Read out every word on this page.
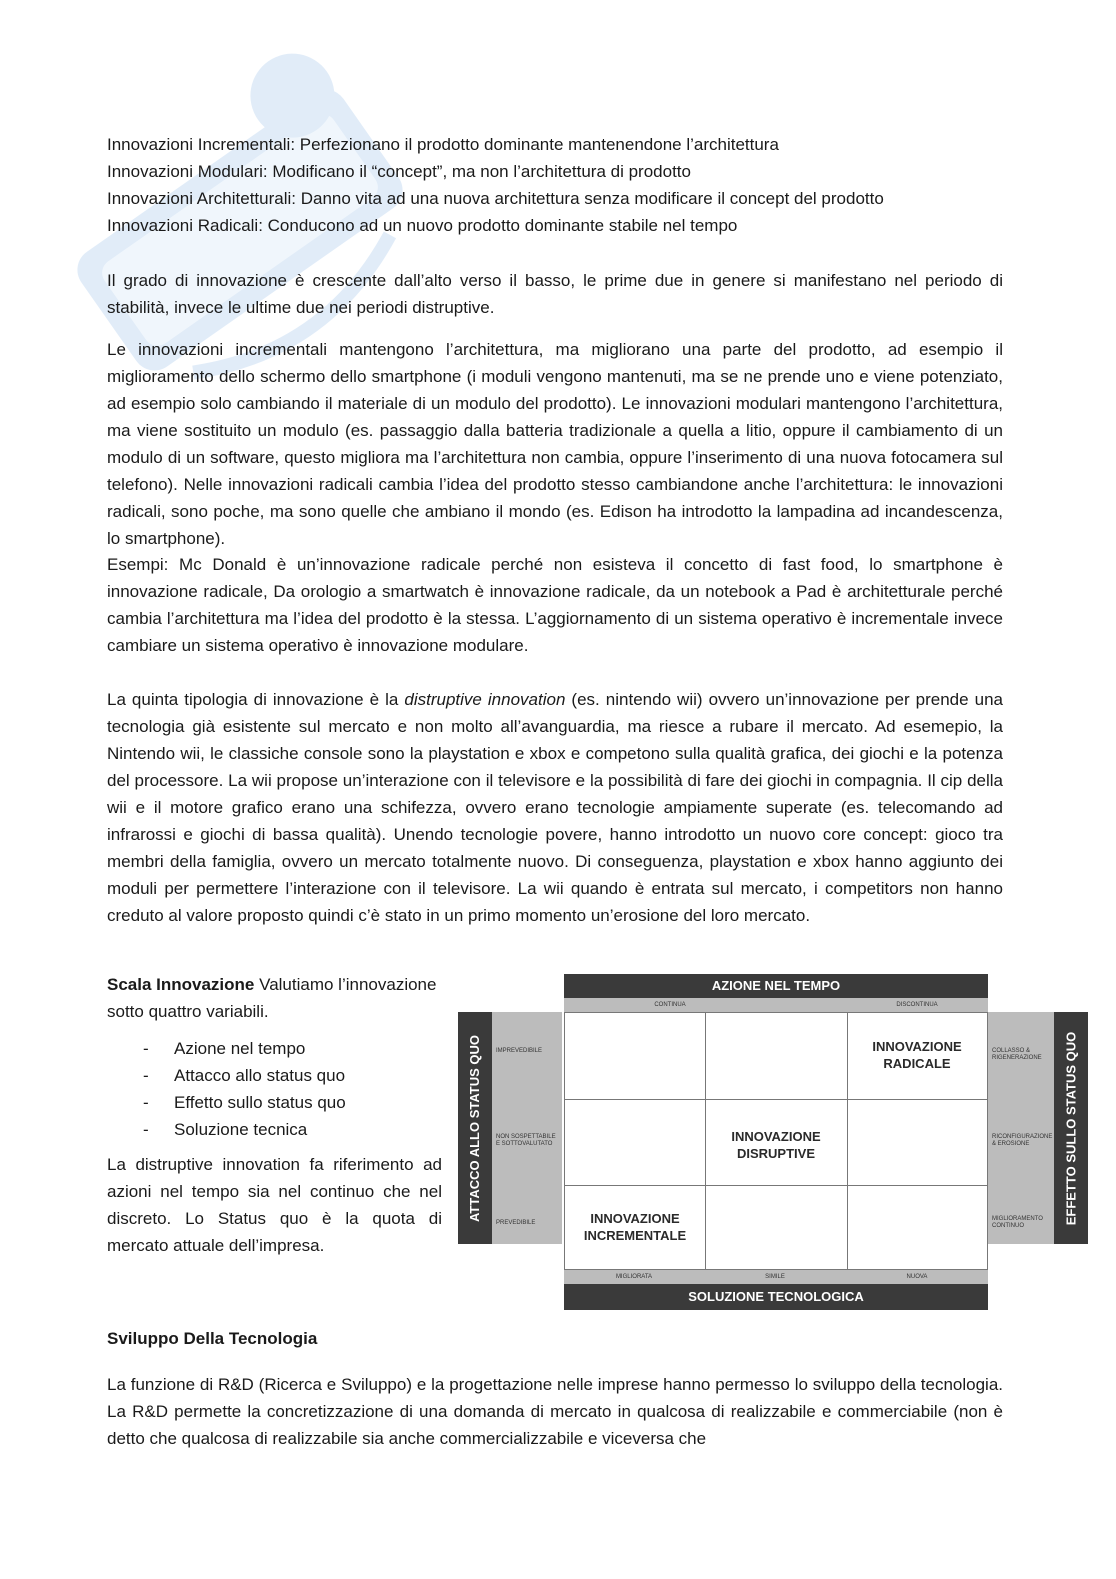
Innovazioni Incrementali: Perfezionano il prodotto dominante mantenendone l’architettura

Innovazioni Modulari: Modificano il “concept”, ma non l’architettura di prodotto

Innovazioni Architetturali: Danno vita ad una nuova architettura senza modificare il concept del prodotto

Innovazioni Radicali: Conducono ad un nuovo prodotto dominante stabile nel tempo

Il grado di innovazione è crescente dall’alto verso il basso, le prime due in genere si manifestano nel periodo di stabilità, invece le ultime due nei periodi distruptive.

Le innovazioni incrementali mantengono l’architettura, ma migliorano una parte del prodotto, ad esempio il miglioramento dello schermo dello smartphone (i moduli vengono mantenuti, ma se ne prende uno e viene potenziato, ad esempio solo cambiando il materiale di un modulo del prodotto). Le innovazioni modulari mantengono l’architettura, ma viene sostituito un modulo (es. passaggio dalla batteria tradizionale a quella a litio, oppure il cambiamento di un modulo di un software, questo migliora ma l’architettura non cambia, oppure l’inserimento di una nuova fotocamera sul telefono). Nelle innovazioni radicali cambia l’idea del prodotto stesso cambiandone anche l’architettura: le innovazioni radicali, sono poche, ma sono quelle che ambiano il mondo (es. Edison ha introdotto la lampadina ad incandescenza, lo smartphone).

Esempi: Mc Donald è un’innovazione radicale perché non esisteva il concetto di fast food, lo smartphone è innovazione radicale, Da orologio a smartwatch è innovazione radicale, da un notebook a Pad è architetturale perché cambia l’architettura ma l’idea del prodotto è la stessa. L’aggiornamento di un sistema operativo è incrementale invece cambiare un sistema operativo è innovazione modulare.

La quinta tipologia di innovazione è la distruptive innovation (es. nintendo wii) ovvero un’innovazione per prende una tecnologia già esistente sul mercato e non molto all’avanguardia, ma riesce a rubare il mercato. Ad esemepio, la Nintendo wii, le classiche console sono la playstation e xbox e competono sulla qualità grafica, dei giochi e la potenza del processore. La wii propose un’interazione con il televisore e la possibilità di fare dei giochi in compagnia. Il cip della wii e il motore grafico erano una schifezza, ovvero erano tecnologie ampiamente superate (es. telecomando ad infrarossi e giochi di bassa qualità). Unendo tecnologie povere, hanno introdotto un nuovo core concept: gioco tra membri della famiglia, ovvero un mercato totalmente nuovo. Di conseguenza, playstation e xbox hanno aggiunto dei moduli per permettere l’interazione con il televisore. La wii quando è entrata sul mercato, i competitors non hanno creduto al valore proposto quindi c’è stato in un primo momento un’erosione del loro mercato.

Scala Innovazione Valutiamo l’innovazione sotto quattro variabili.

- Azione nel tempo
- Attacco allo status quo
- Effetto sullo status quo
- Soluzione tecnica

La distruptive innovation fa riferimento ad azioni nel tempo sia nel continuo che nel discreto. Lo Status quo è la quota di mercato attuale dell’impresa.

AZIONE NEL TEMPO
CONTINUA	DISCONTINUA
ATTACCO ALLO STATUS QUO	EFFETTO SULLO STATUS QUO
IMPREVEDIBILE
NON SOSPETTABILE E SOTTOVALUTATO
PREVEDIBILE
COLLASSO & RIGENERAZIONE
RICONFIGURAZIONE & EROSIONE
MIGLIORAMENTO CONTINUO
INNOVAZIONE RADICALE
INNOVAZIONE DISRUPTIVE
INNOVAZIONE INCREMENTALE
MIGLIORATA	SIMILE	NUOVA
SOLUZIONE TECNOLOGICA

Sviluppo Della Tecnologia

La funzione di R&D (Ricerca e Sviluppo) e la progettazione nelle imprese hanno permesso lo sviluppo della tecnologia. La R&D permette la concretizzazione di una domanda di mercato in qualcosa di realizzabile e commerciabile (non è detto che qualcosa di realizzabile sia anche commercializzabile e viceversa che
